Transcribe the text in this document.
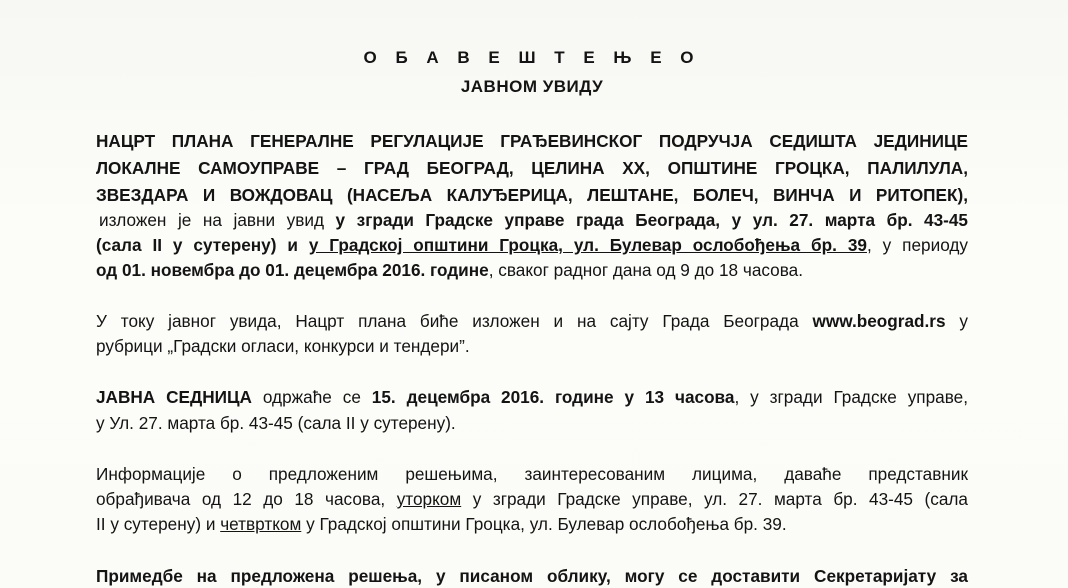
О Б А В Е Ш Т Е Њ Е О
ЈАВНОМ УВИДУ
НАЦРТ ПЛАНА ГЕНЕРАЛНЕ РЕГУЛАЦИЈЕ ГРАЂЕВИНСКОГ ПОДРУЧЈА СЕДИШТА ЈЕДИНИЦЕ
ЛОКАЛНЕ САМОУПРАВЕ – ГРАД БЕОГРАД, ЦЕЛИНА XX, ОПШТИНЕ ГРОЦКА, ПАЛИЛУЛА,
ЗВЕЗДАРА И ВОЖДОВАЦ (НАСЕЉА КАЛУЂЕРИЦА, ЛЕШТАНЕ, БОЛЕЧ, ВИНЧА И РИТОПЕК),
изложен је на јавни увид у згради Градске управе града Београда, у ул. 27. марта бр. 43-45
(сала II у сутерену) и у Градској општини Гроцка, ул. Булевар ослобођења бр. 39, у периоду
од 01. новембра до 01. децембра 2016. године, сваког радног дана од 9 до 18 часова.
У току јавног увида, Нацрт плана биће изложен и на сајту Града Београда www.beograd.rs у
рубрици „Градски огласи, конкурси и тендери”.
ЈАВНА СЕДНИЦА одржаће се 15. децембра 2016. године у 13 часова, у згради Градске управе,
у Ул. 27. марта бр. 43-45 (сала II у сутерену).
Информације о предложеним решењима, заинтересованим лицима, даваће представник
обрађивача од 12 до 18 часова, уторком у згради Градске управе, ул. 27. марта бр. 43-45 (сала
II у сутерену) и четвртком у Градској општини Гроцка, ул. Булевар ослобођења бр. 39.
Примедбе на предложена решења, у писаном облику, могу се доставити Секретаријату за
